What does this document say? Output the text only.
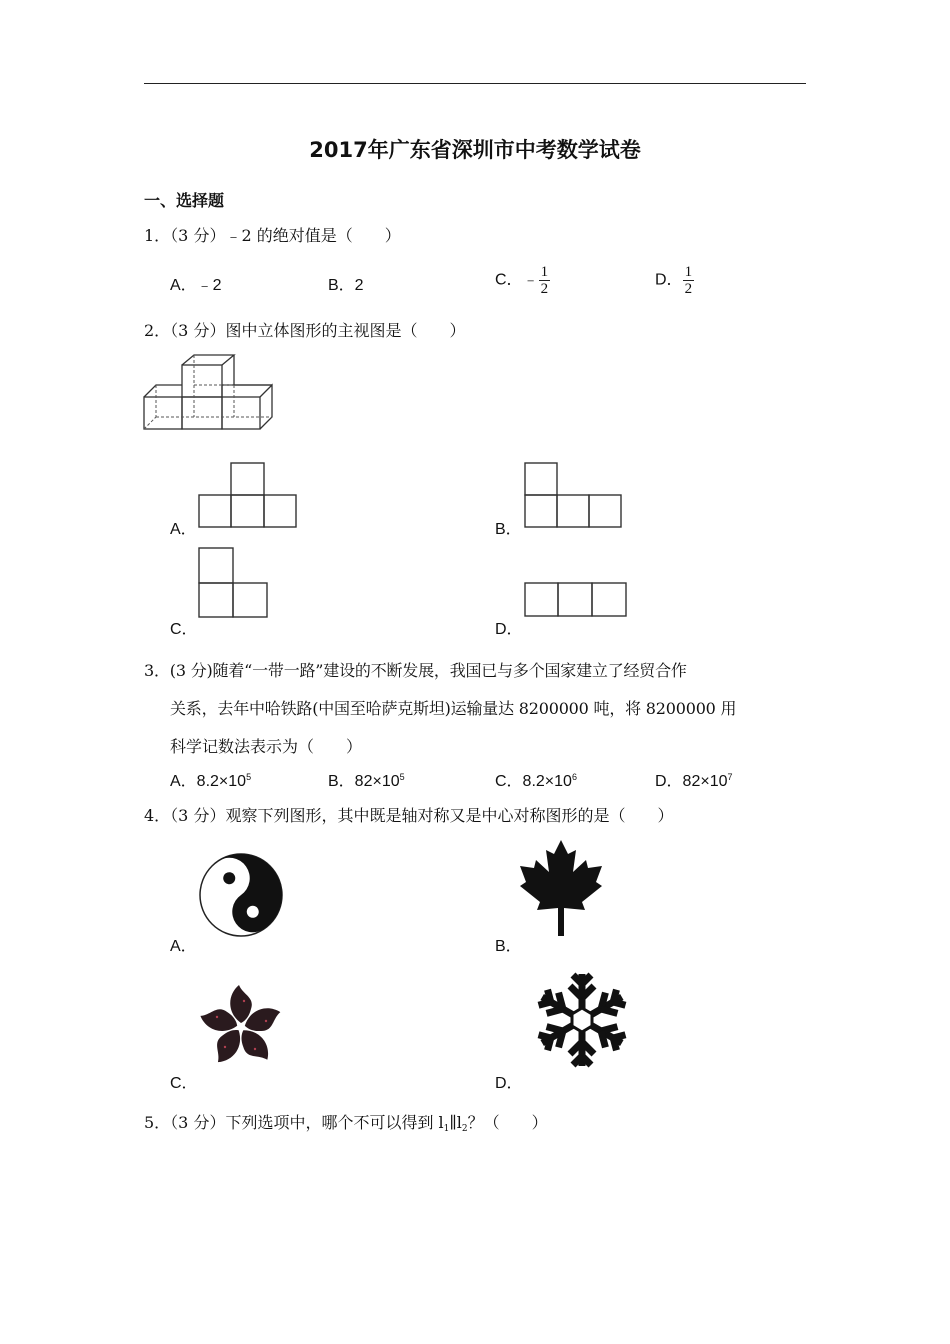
2017年广东省深圳市中考数学试卷
一、选择题
1．（3 分）﹣2 的绝对值是（　　）
A．﹣2	B．2	C．﹣ $\frac{1}{2}$	D． $\frac{1}{2}$
2．（3 分）图中立体图形的主视图是（　　）
A．	B．
C．	D．
3．(3 分)随着“一带一路”建设的不断发展，我国已与多个国家建立了经贸合作
关系，去年中哈铁路(中国至哈萨克斯坦)运输量达 8200000 吨，将 8200000 用
科学记数法表示为（　　）
A．$8.2\times 10^5$	B．$82\times 10^5$	C．$8.2\times 10^6$	D．$82\times 10^7$
4．（3 分）观察下列图形，其中既是轴对称又是中心对称图形的是（　　）
A．	B．
C．	D．
5．（3 分）下列选项中，哪个不可以得到 $l_1\parallel l_2$？（　　）
